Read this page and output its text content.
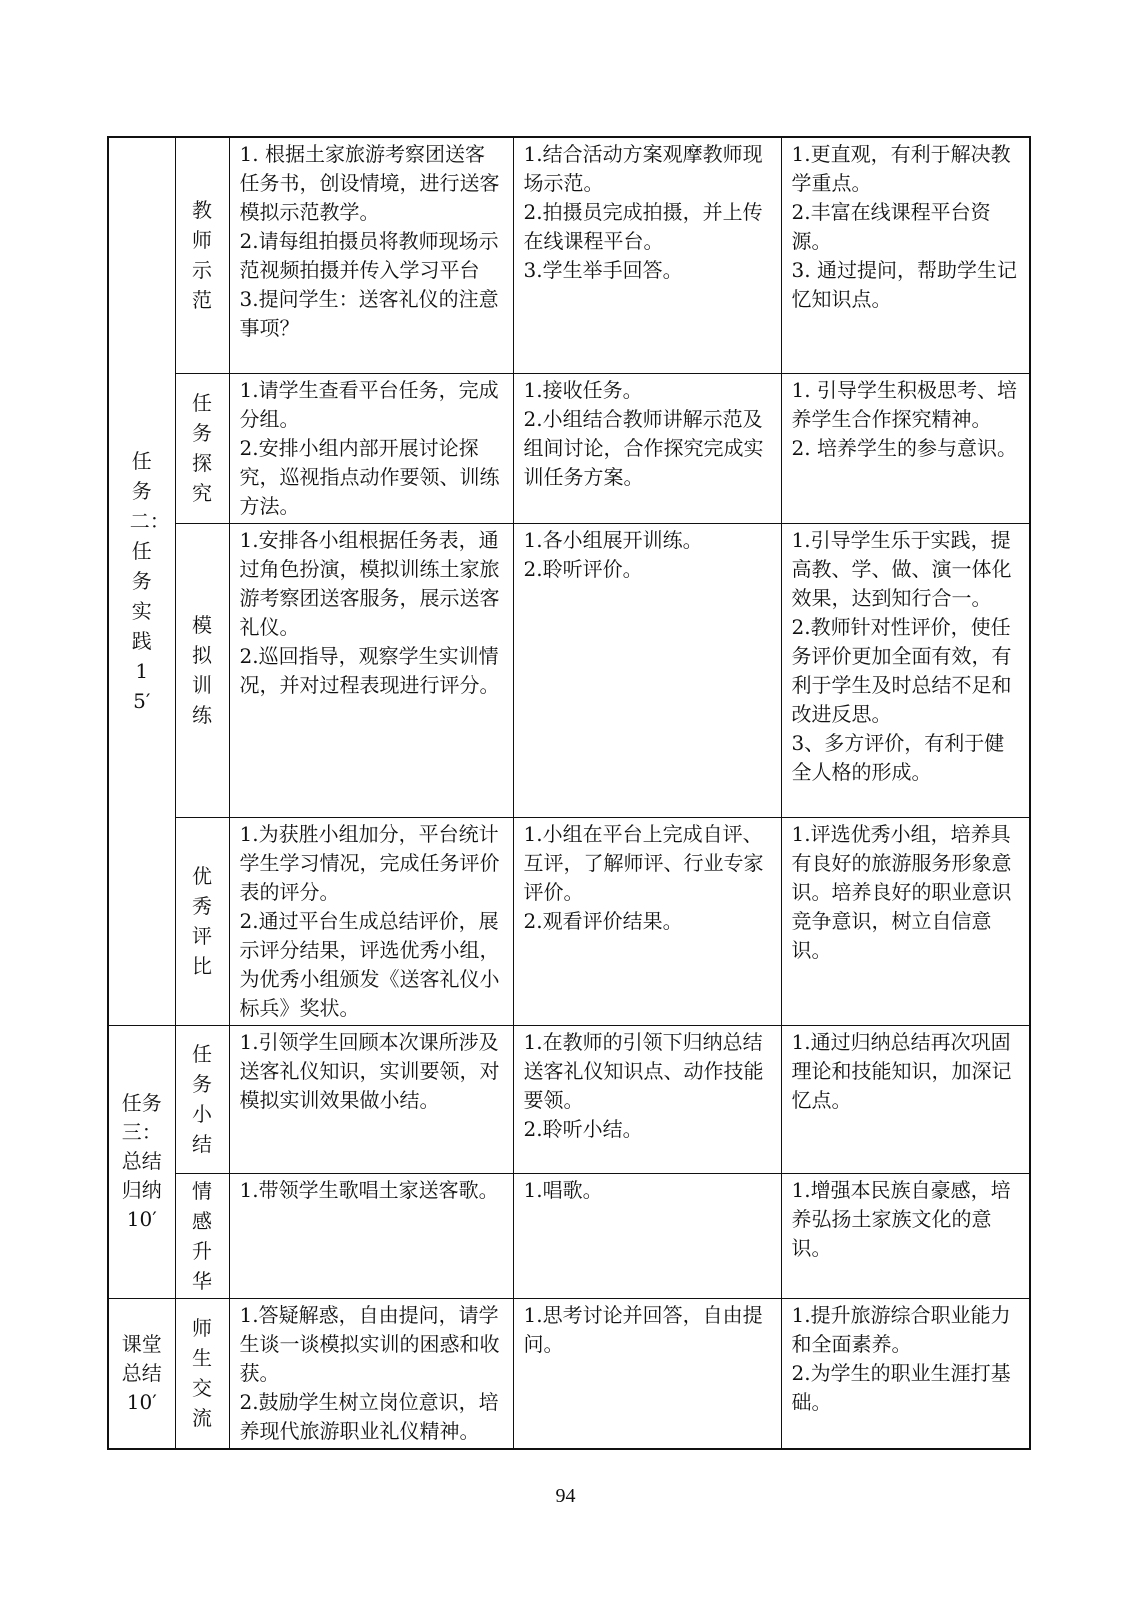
任务二：任务实践15′	教师示范	1. 根据土家旅游考察团送客任务书，创设情境，进行送客模拟示范教学。
2.请每组拍摄员将教师现场示范视频拍摄并传入学习平台
3.提问学生：送客礼仪的注意事项？	1.结合活动方案观摩教师现场示范。
2.拍摄员完成拍摄，并上传在线课程平台。
3.学生举手回答。	1.更直观，有利于解决教学重点。
2.丰富在线课程平台资源。
3. 通过提问，帮助学生记忆知识点。

	任务探究	1.请学生查看平台任务，完成分组。
2.安排小组内部开展讨论探究，巡视指点动作要领、训练方法。	1.接收任务。
2.小组结合教师讲解示范及组间讨论，合作探究完成实训任务方案。	1. 引导学生积极思考、培养学生合作探究精神。
2. 培养学生的参与意识。

	模拟训练	1.安排各小组根据任务表，通过角色扮演，模拟训练土家旅游考察团送客服务，展示送客礼仪。
2.巡回指导，观察学生实训情况，并对过程表现进行评分。	1.各小组展开训练。
2.聆听评价。	1.引导学生乐于实践，提高教、学、做、演一体化效果，达到知行合一。
2.教师针对性评价，使任务评价更加全面有效，有利于学生及时总结不足和改进反思。
3、多方评价，有利于健全人格的形成。

	优秀评比	1.为获胜小组加分，平台统计学生学习情况，完成任务评价表的评分。
2.通过平台生成总结评价，展示评分结果，评选优秀小组，为优秀小组颁发《送客礼仪小标兵》奖状。	1.小组在平台上完成自评、互评，了解师评、行业专家评价。
2.观看评价结果。	1.评选优秀小组，培养具有良好的旅游服务形象意识。培养良好的职业意识竞争意识，树立自信意识。

任务三：总结归纳10′	任务小结	1.引领学生回顾本次课所涉及送客礼仪知识，实训要领，对模拟实训效果做小结。	1.在教师的引领下归纳总结送客礼仪知识点、动作技能要领。
2.聆听小结。	1.通过归纳总结再次巩固理论和技能知识，加深记忆点。

	情感升华	1.带领学生歌唱土家送客歌。	1.唱歌。	1.增强本民族自豪感，培养弘扬土家族文化的意识。

课堂总结10′	师生交流	1.答疑解惑，自由提问，请学生谈一谈模拟实训的困惑和收获。
2.鼓励学生树立岗位意识，培养现代旅游职业礼仪精神。	1.思考讨论并回答，自由提问。	1.提升旅游综合职业能力和全面素养。
2.为学生的职业生涯打基础。
94
